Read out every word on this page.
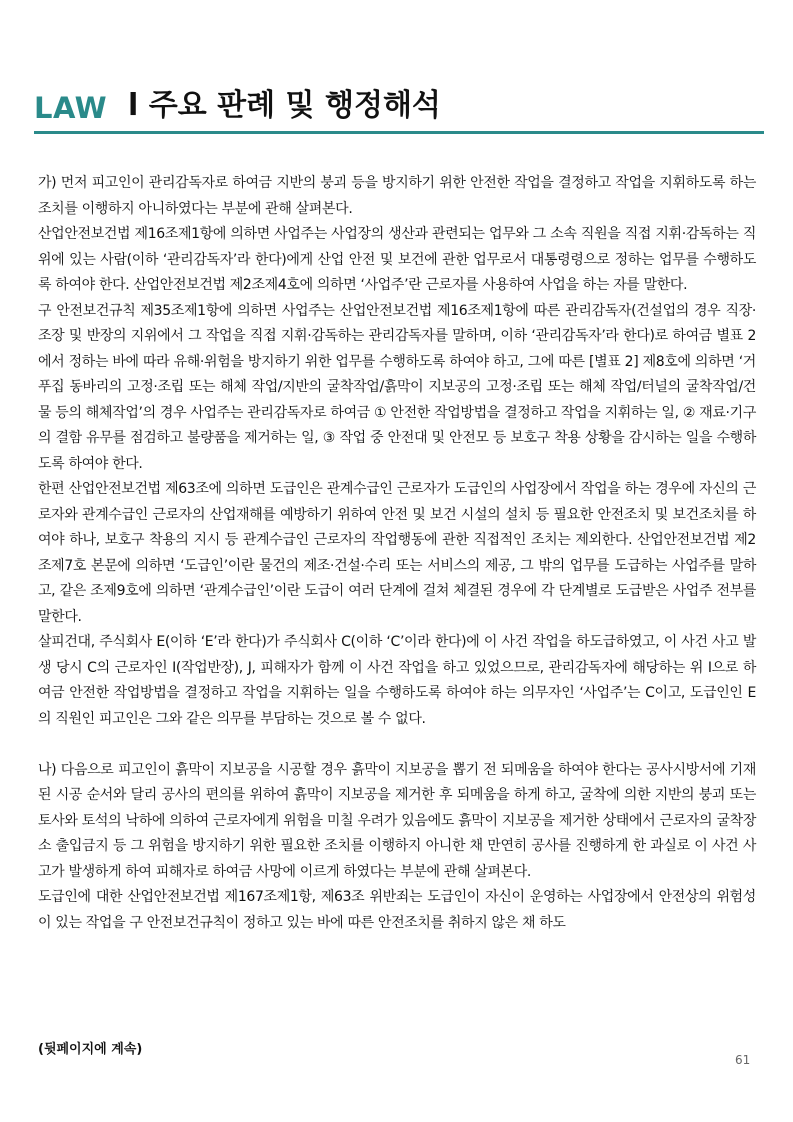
LAW l 주요 판례 및 행정해석

가) 먼저 피고인이 관리감독자로 하여금 지반의 붕괴 등을 방지하기 위한 안전한 작업을 결정하고 작업을 지휘하도록 하는 조치를 이행하지 아니하였다는 부분에 관해 살펴본다.

산업안전보건법 제16조제1항에 의하면 사업주는 사업장의 생산과 관련되는 업무와 그 소속 직원을 직접 지휘·감독하는 직위에 있는 사람(이하 ‘관리감독자’라 한다)에게 산업 안전 및 보건에 관한 업무로서 대통령령으로 정하는 업무를 수행하도록 하여야 한다. 산업안전보건법 제2조제4호에 의하면 ‘사업주’란 근로자를 사용하여 사업을 하는 자를 말한다.

구 안전보건규칙 제35조제1항에 의하면 사업주는 산업안전보건법 제16조제1항에 따른 관리감독자(건설업의 경우 직장·조장 및 반장의 지위에서 그 작업을 직접 지휘·감독하는 관리감독자를 말하며, 이하 ‘관리감독자’라 한다)로 하여금 별표 2에서 정하는 바에 따라 유해·위험을 방지하기 위한 업무를 수행하도록 하여야 하고, 그에 따른 [별표 2] 제8호에 의하면 ‘거푸집 동바리의 고정·조립 또는 해체 작업/지반의 굴착작업/흙막이 지보공의 고정·조립 또는 해체 작업/터널의 굴착작업/건물 등의 해체작업’의 경우 사업주는 관리감독자로 하여금 ① 안전한 작업방법을 결정하고 작업을 지휘하는 일, ② 재료·기구의 결함 유무를 점검하고 불량품을 제거하는 일, ③ 작업 중 안전대 및 안전모 등 보호구 착용 상황을 감시하는 일을 수행하도록 하여야 한다.

한편 산업안전보건법 제63조에 의하면 도급인은 관계수급인 근로자가 도급인의 사업장에서 작업을 하는 경우에 자신의 근로자와 관계수급인 근로자의 산업재해를 예방하기 위하여 안전 및 보건 시설의 설치 등 필요한 안전조치 및 보건조치를 하여야 하나, 보호구 착용의 지시 등 관계수급인 근로자의 작업행동에 관한 직접적인 조치는 제외한다. 산업안전보건법 제2조제7호 본문에 의하면 ‘도급인’이란 물건의 제조·건설·수리 또는 서비스의 제공, 그 밖의 업무를 도급하는 사업주를 말하고, 같은 조제9호에 의하면 ‘관계수급인’이란 도급이 여러 단계에 걸쳐 체결된 경우에 각 단계별로 도급받은 사업주 전부를 말한다.

살피건대, 주식회사 E(이하 ‘E’라 한다)가 주식회사 C(이하 ‘C’이라 한다)에 이 사건 작업을 하도급하였고, 이 사건 사고 발생 당시 C의 근로자인 I(작업반장), J, 피해자가 함께 이 사건 작업을 하고 있었으므로, 관리감독자에 해당하는 위 I으로 하여금 안전한 작업방법을 결정하고 작업을 지휘하는 일을 수행하도록 하여야 하는 의무자인 ‘사업주’는 C이고, 도급인인 E의 직원인 피고인은 그와 같은 의무를 부담하는 것으로 볼 수 없다.

나) 다음으로 피고인이 흙막이 지보공을 시공할 경우 흙막이 지보공을 뽑기 전 되메움을 하여야 한다는 공사시방서에 기재된 시공 순서와 달리 공사의 편의를 위하여 흙막이 지보공을 제거한 후 되메움을 하게 하고, 굴착에 의한 지반의 붕괴 또는 토사와 토석의 낙하에 의하여 근로자에게 위험을 미칠 우려가 있음에도 흙막이 지보공을 제거한 상태에서 근로자의 굴착장소 출입금지 등 그 위험을 방지하기 위한 필요한 조치를 이행하지 아니한 채 만연히 공사를 진행하게 한 과실로 이 사건 사고가 발생하게 하여 피해자로 하여금 사망에 이르게 하였다는 부분에 관해 살펴본다.

도급인에 대한 산업안전보건법 제167조제1항, 제63조 위반죄는 도급인이 자신이 운영하는 사업장에서 안전상의 위험성이 있는 작업을 구 안전보건규칙이 정하고 있는 바에 따른 안전조치를 취하지 않은 채 하도

(뒷페이지에 계속)
61
